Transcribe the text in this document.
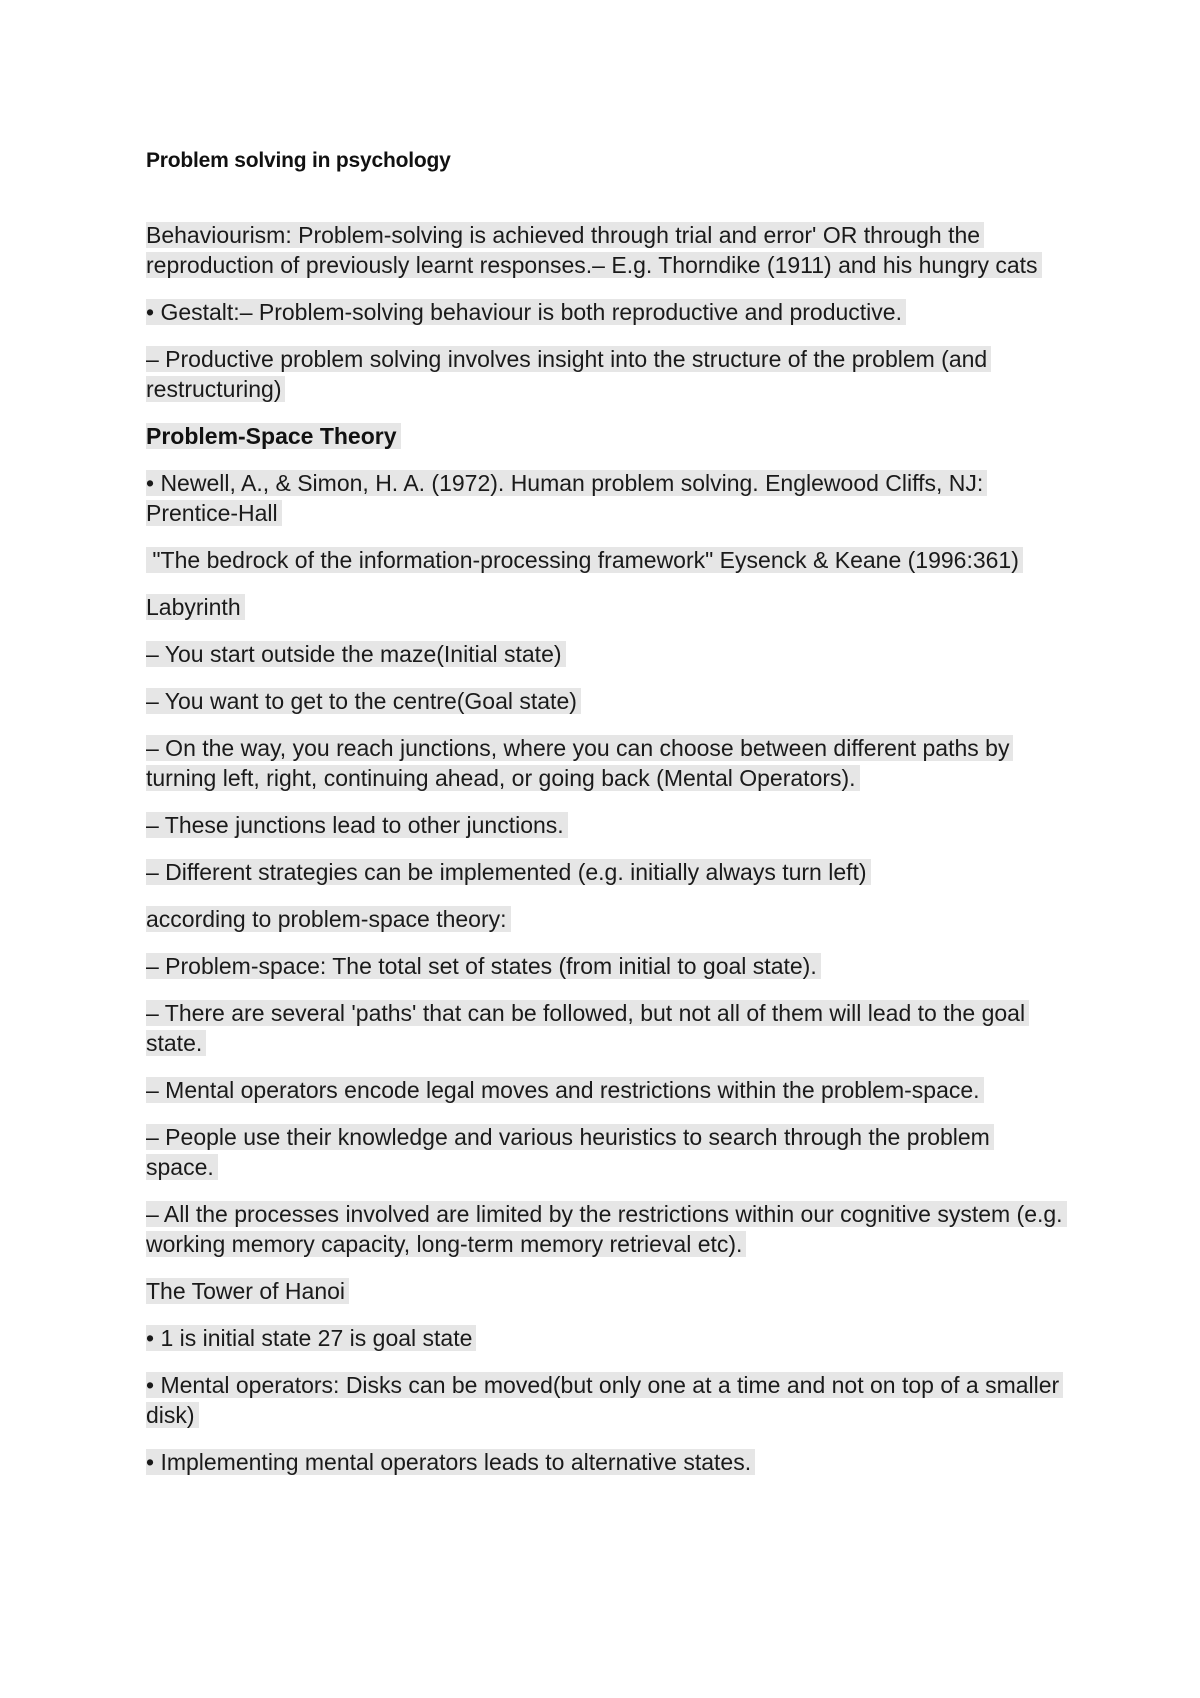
Problem solving in psychology

Behaviourism: Problem-solving is achieved through trial and error' OR through the reproduction of previously learnt responses.– E.g. Thorndike (1911) and his hungry cats

• Gestalt:– Problem-solving behaviour is both reproductive and productive.

– Productive problem solving involves insight into the structure of the problem (and restructuring)

Problem-Space Theory

• Newell, A., & Simon, H. A. (1972). Human problem solving. Englewood Cliffs, NJ: Prentice-Hall

"The bedrock of the information-processing framework" Eysenck & Keane (1996:361)

Labyrinth

– You start outside the maze(Initial state)

– You want to get to the centre(Goal state)

– On the way, you reach junctions, where you can choose between different paths by turning left, right, continuing ahead, or going back (Mental Operators).

– These junctions lead to other junctions.

– Different strategies can be implemented (e.g. initially always turn left)

according to problem-space theory:

– Problem-space: The total set of states (from initial to goal state).

– There are several 'paths' that can be followed, but not all of them will lead to the goal state.

– Mental operators encode legal moves and restrictions within the problem-space.

– People use their knowledge and various heuristics to search through the problem space.

– All the processes involved are limited by the restrictions within our cognitive system (e.g. working memory capacity, long-term memory retrieval etc).

The Tower of Hanoi

• 1 is initial state 27 is goal state

• Mental operators: Disks can be moved(but only one at a time and not on top of a smaller disk)

• Implementing mental operators leads to alternative states.
